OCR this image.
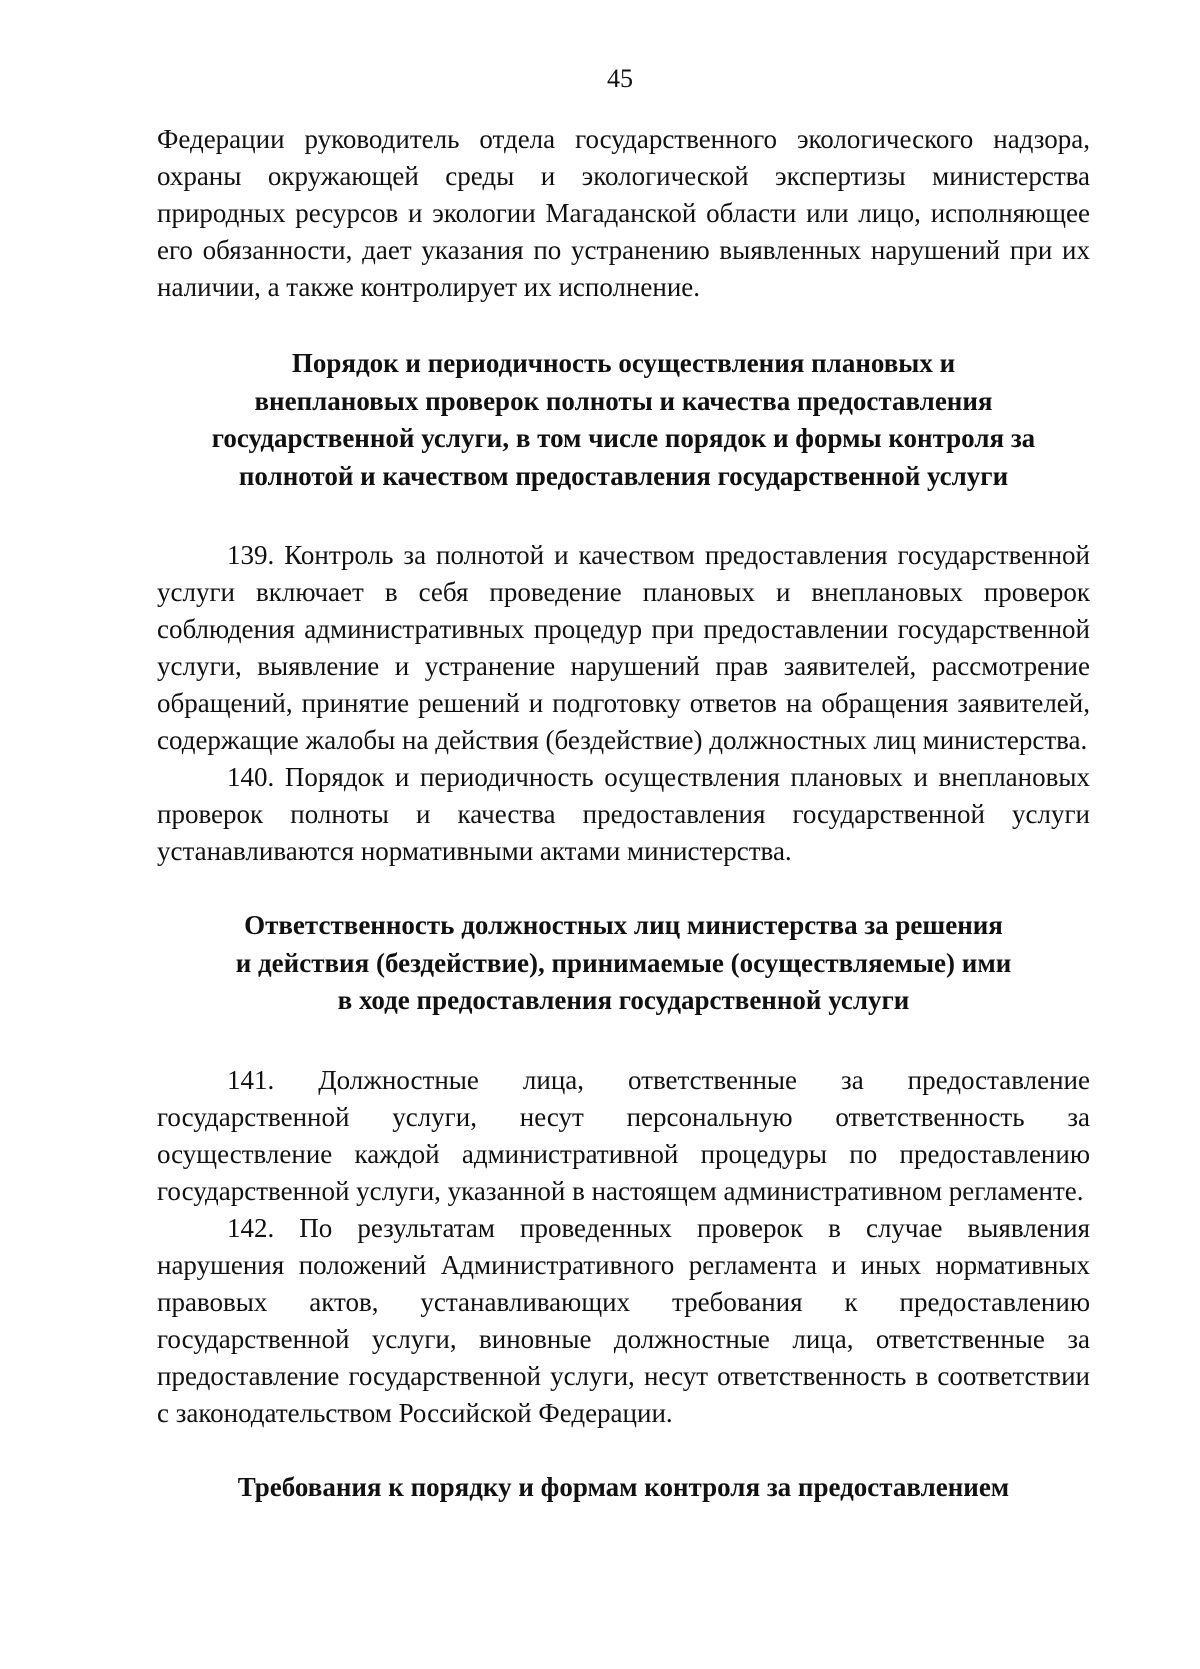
45

Федерации руководитель отдела государственного экологического надзора, охраны окружающей среды и экологической экспертизы министерства природных ресурсов и экологии Магаданской области или лицо, исполняющее его обязанности, дает указания по устранению выявленных нарушений при их наличии, а также контролирует их исполнение.

Порядок и периодичность осуществления плановых и
внеплановых проверок полноты и качества предоставления
государственной услуги, в том числе порядок и формы контроля за
полнотой и качеством предоставления государственной услуги

139. Контроль за полнотой и качеством предоставления государственной услуги включает в себя проведение плановых и внеплановых проверок соблюдения административных процедур при предоставлении государственной услуги, выявление и устранение нарушений прав заявителей, рассмотрение обращений, принятие решений и подготовку ответов на обращения заявителей, содержащие жалобы на действия (бездействие) должностных лиц министерства.

140. Порядок и периодичность осуществления плановых и внеплановых проверок полноты и качества предоставления государственной услуги устанавливаются нормативными актами министерства.

Ответственность должностных лиц министерства за решения
и действия (бездействие), принимаемые (осуществляемые) ими
в ходе предоставления государственной услуги

141. Должностные лица, ответственные за предоставление государственной услуги, несут персональную ответственность за осуществление каждой административной процедуры по предоставлению государственной услуги, указанной в настоящем административном регламенте.

142. По результатам проведенных проверок в случае выявления нарушения положений Административного регламента и иных нормативных правовых актов, устанавливающих требования к предоставлению государственной услуги, виновные должностные лица, ответственные за предоставление государственной услуги, несут ответственность в соответствии с законодательством Российской Федерации.

Требования к порядку и формам контроля за предоставлением
